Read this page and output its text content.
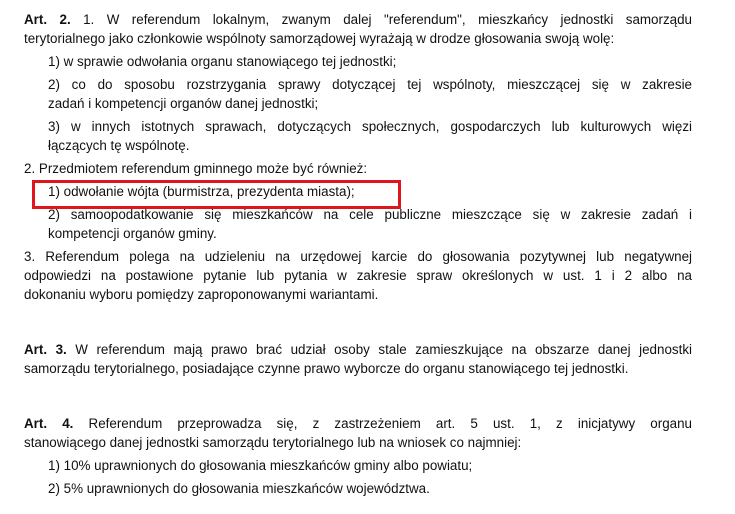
Art. 2. 1. W referendum lokalnym, zwanym dalej "referendum", mieszkańcy jednostki samorządu

terytorialnego jako członkowie wspólnoty samorządowej wyrażają w drodze głosowania swoją wolę:

1) w sprawie odwołania organu stanowiącego tej jednostki;

2) co do sposobu rozstrzygania sprawy dotyczącej tej wspólnoty, mieszczącej się w zakresie

zadań i kompetencji organów danej jednostki;

3) w innych istotnych sprawach, dotyczących społecznych, gospodarczych lub kulturowych więzi

łączących tę wspólnotę.

2. Przedmiotem referendum gminnego może być również:

1) odwołanie wójta (burmistrza, prezydenta miasta);

2) samoopodatkowanie się mieszkańców na cele publiczne mieszczące się w zakresie zadań i

kompetencji organów gminy.

3. Referendum polega na udzieleniu na urzędowej karcie do głosowania pozytywnej lub negatywnej

odpowiedzi na postawione pytanie lub pytania w zakresie spraw określonych w ust. 1 i 2 albo na

dokonaniu wyboru pomiędzy zaproponowanymi wariantami.

Art. 3. W referendum mają prawo brać udział osoby stale zamieszkujące na obszarze danej jednostki

samorządu terytorialnego, posiadające czynne prawo wyborcze do organu stanowiącego tej jednostki.

Art. 4. Referendum przeprowadza się, z zastrzeżeniem art. 5 ust. 1, z inicjatywy organu

stanowiącego danej jednostki samorządu terytorialnego lub na wniosek co najmniej:

1) 10% uprawnionych do głosowania mieszkańców gminy albo powiatu;

2) 5% uprawnionych do głosowania mieszkańców województwa.
